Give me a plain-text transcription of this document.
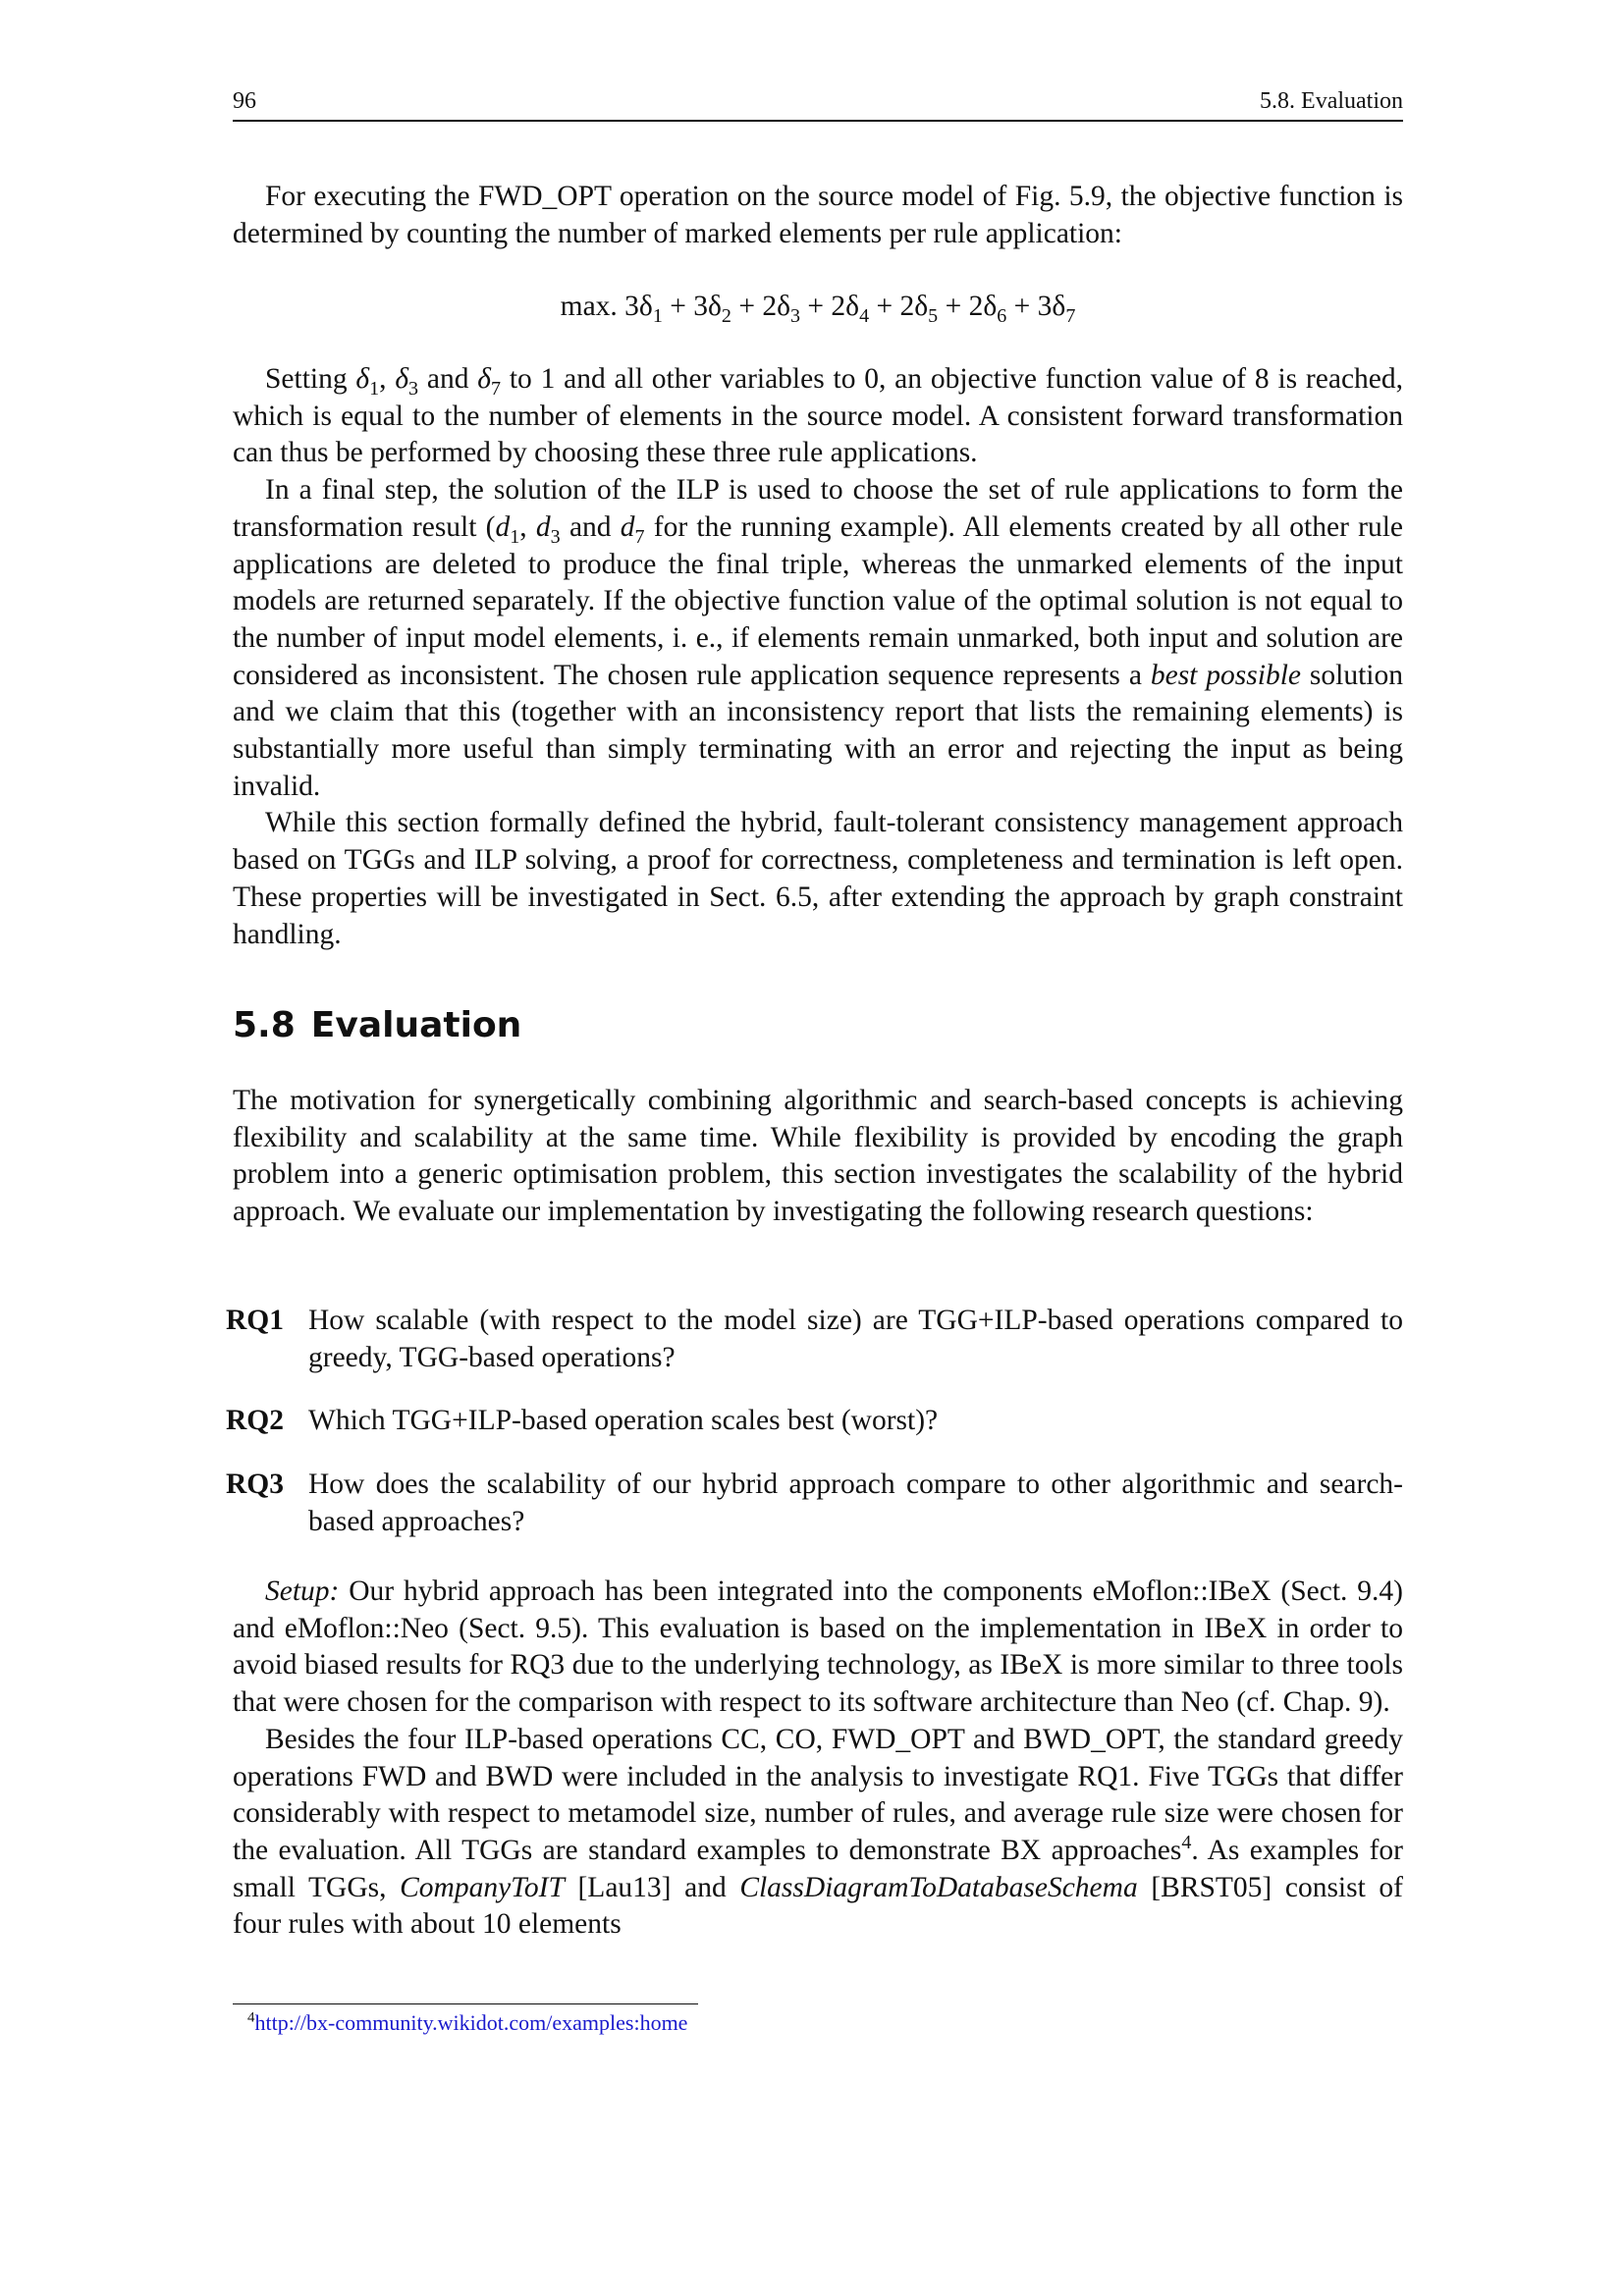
96	5.8. Evaluation

For executing the FWD_OPT operation on the source model of Fig. 5.9, the objective function is determined by counting the number of marked elements per rule application:

max. $3\delta_1 + 3\delta_2 + 2\delta_3 + 2\delta_4 + 2\delta_5 + 2\delta_6 + 3\delta_7$

Setting $\delta_1$, $\delta_3$ and $\delta_7$ to 1 and all other variables to 0, an objective function value of 8 is reached, which is equal to the number of elements in the source model. A consistent forward transformation can thus be performed by choosing these three rule applications.

In a final step, the solution of the ILP is used to choose the set of rule applications to form the transformation result ($d_1$, $d_3$ and $d_7$ for the running example). All elements created by all other rule applications are deleted to produce the final triple, whereas the unmarked elements of the input models are returned separately. If the objective function value of the optimal solution is not equal to the number of input model elements, i. e., if elements remain unmarked, both input and solution are considered as inconsistent. The chosen rule application sequence represents a best possible solution and we claim that this (together with an inconsistency report that lists the remaining elements) is substantially more useful than simply terminating with an error and rejecting the input as being invalid.

While this section formally defined the hybrid, fault-tolerant consistency management approach based on TGGs and ILP solving, a proof for correctness, completeness and termination is left open. These properties will be investigated in Sect. 6.5, after extending the approach by graph constraint handling.

5.8 Evaluation

The motivation for synergetically combining algorithmic and search-based concepts is achieving flexibility and scalability at the same time. While flexibility is provided by encoding the graph problem into a generic optimisation problem, this section investigates the scalability of the hybrid approach. We evaluate our implementation by investigating the following research questions:

RQ1 How scalable (with respect to the model size) are TGG+ILP-based operations compared to greedy, TGG-based operations?
RQ2 Which TGG+ILP-based operation scales best (worst)?
RQ3 How does the scalability of our hybrid approach compare to other algorithmic and search-based approaches?

Setup: Our hybrid approach has been integrated into the components eMoflon::IBeX (Sect. 9.4) and eMoflon::Neo (Sect. 9.5). This evaluation is based on the implementation in IBeX in order to avoid biased results for RQ3 due to the underlying technology, as IBeX is more similar to three tools that were chosen for the comparison with respect to its software architecture than Neo (cf. Chap. 9).

Besides the four ILP-based operations CC, CO, FWD_OPT and BWD_OPT, the standard greedy operations FWD and BWD were included in the analysis to investigate RQ1. Five TGGs that differ considerably with respect to metamodel size, number of rules, and average rule size were chosen for the evaluation. All TGGs are standard examples to demonstrate BX approaches$^4$. As examples for small TGGs, CompanyToIT [Lau13] and ClassDiagramToDatabaseSchema [BRST05] consist of four rules with about 10 elements

$^4$http://bx-community.wikidot.com/examples:home
